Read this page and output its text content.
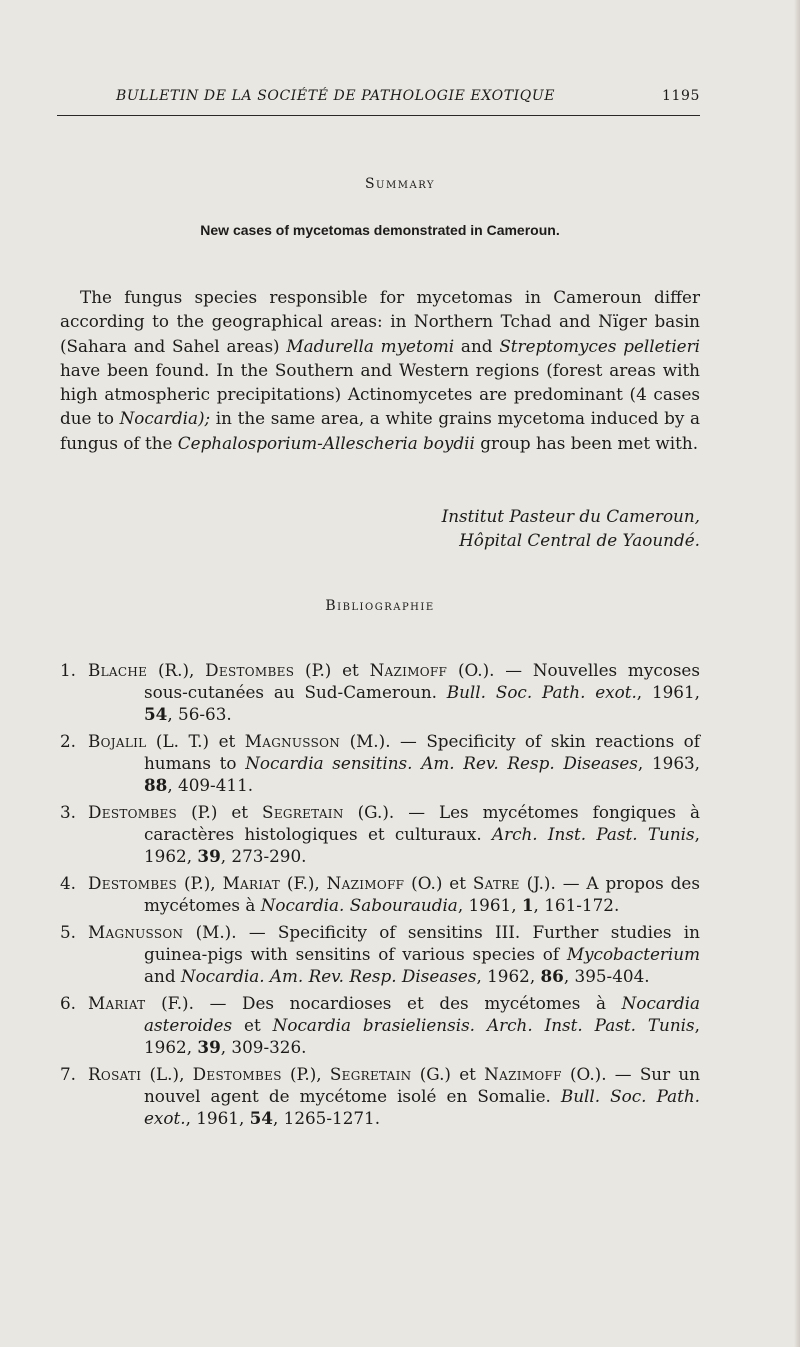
BULLETIN DE LA SOCIÉTÉ DE PATHOLOGIE EXOTIQUE	1195
Summary
New cases of mycetomas demonstrated in Cameroun.

The fungus species responsible for mycetomas in Cameroun differ according to the geographical areas: in Northern Tchad and Nïger basin (Sahara and Sahel areas) Madurella myetomi and Streptomyces pelletieri have been found. In the Southern and Western regions (forest areas with high atmospheric precipitations) Actinomycetes are predominant (4 cases due to Nocardia); in the same area, a white grains mycetoma induced by a fungus of the Cephalosporium-Allescheria boydii group has been met with.

Institut Pasteur du Cameroun,
Hôpital Central de Yaoundé.
Bibliographie
1. Blache (R.), Destombes (P.) et Nazimoff (O.). — Nouvelles mycoses sous-cutanées au Sud-Cameroun. Bull. Soc. Path. exot., 1961, 54, 56-63.
2. Bojalil (L. T.) et Magnusson (M.). — Specificity of skin reactions of humans to Nocardia sensitins. Am. Rev. Resp. Diseases, 1963, 88, 409-411.
3. Destombes (P.) et Segretain (G.). — Les mycétomes fongiques à caractères histologiques et culturaux. Arch. Inst. Past. Tunis, 1962, 39, 273-290.
4. Destombes (P.), Mariat (F.), Nazimoff (O.) et Satre (J.). — A propos des mycétomes à Nocardia. Sabouraudia, 1961, 1, 161-172.
5. Magnusson (M.). — Specificity of sensitins III. Further studies in guinea-pigs with sensitins of various species of Mycobacterium and Nocardia. Am. Rev. Resp. Diseases, 1962, 86, 395-404.
6. Mariat (F.). — Des nocardioses et des mycétomes à Nocardia asteroides et Nocardia brasieliensis. Arch. Inst. Past. Tunis, 1962, 39, 309-326.
7. Rosati (L.), Destombes (P.), Segretain (G.) et Nazimoff (O.). — Sur un nouvel agent de mycétome isolé en Somalie. Bull. Soc. Path. exot., 1961, 54, 1265-1271.
